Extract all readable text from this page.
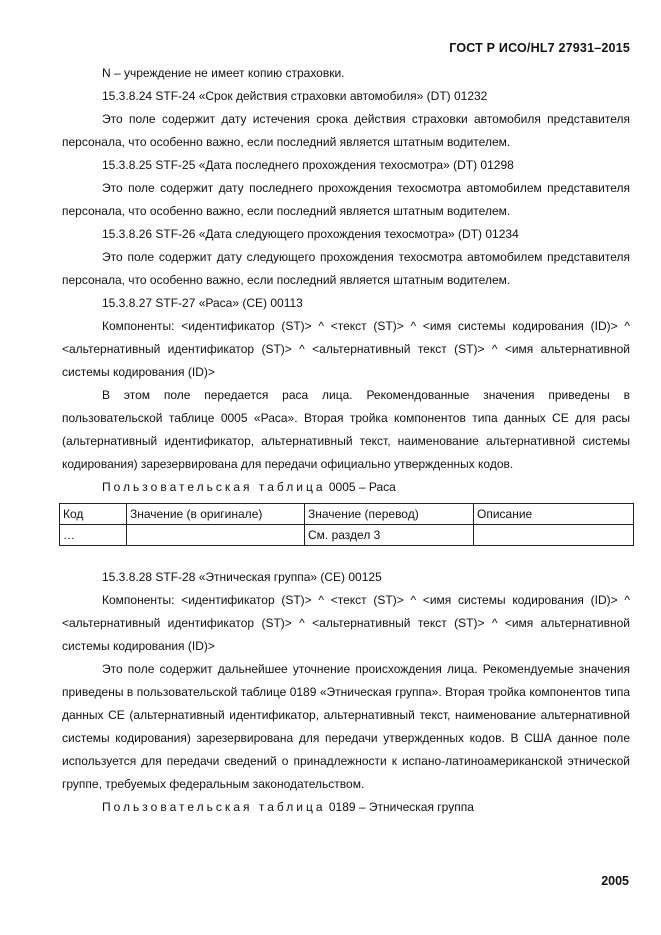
ГОСТ Р ИСО/HL7 27931–2015

N – учреждение не имеет копию страховки.

15.3.8.24 STF-24 «Срок действия страховки автомобиля» (DT) 01232

Это поле содержит дату истечения срока действия страховки автомобиля представителя персонала, что особенно важно, если последний является штатным водителем.

15.3.8.25 STF-25 «Дата последнего прохождения техосмотра» (DT) 01298

Это поле содержит дату последнего прохождения техосмотра автомобилем представителя персонала, что особенно важно, если последний является штатным водителем.

15.3.8.26 STF-26 «Дата следующего прохождения техосмотра» (DT) 01234

Это поле содержит дату следующего прохождения техосмотра автомобилем представителя персонала, что особенно важно, если последний является штатным водителем.

15.3.8.27 STF-27 «Раса» (CE) 00113

Компоненты: <идентификатор (ST)> ^ <текст (ST)> ^ <имя системы кодирования (ID)> ^ <альтернативный идентификатор (ST)> ^ <альтернативный текст (ST)> ^ <имя альтернативной системы кодирования (ID)>

В этом поле передается раса лица. Рекомендованные значения приведены в пользовательской таблице 0005 «Раса». Вторая тройка компонентов типа данных CE для расы (альтернативный идентификатор, альтернативный текст, наименование альтернативной системы кодирования) зарезервирована для передачи официально утвержденных кодов.

Пользовательская таблица 0005 – Раса

Код	Значение (в оригинале)	Значение (перевод)	Описание
…		См. раздел 3	

15.3.8.28 STF-28 «Этническая группа» (CE) 00125

Компоненты: <идентификатор (ST)> ^ <текст (ST)> ^ <имя системы кодирования (ID)> ^ <альтернативный идентификатор (ST)> ^ <альтернативный текст (ST)> ^ <имя альтернативной системы кодирования (ID)>

Это поле содержит дальнейшее уточнение происхождения лица. Рекомендуемые значения приведены в пользовательской таблице 0189 «Этническая группа». Вторая тройка компонентов типа данных CE (альтернативный идентификатор, альтернативный текст, наименование альтернативной системы кодирования) зарезервирована для передачи утвержденных кодов. В США данное поле используется для передачи сведений о принадлежности к испано-латиноамериканской этнической группе, требуемых федеральным законодательством.

Пользовательская таблица 0189 – Этническая группа

2005
